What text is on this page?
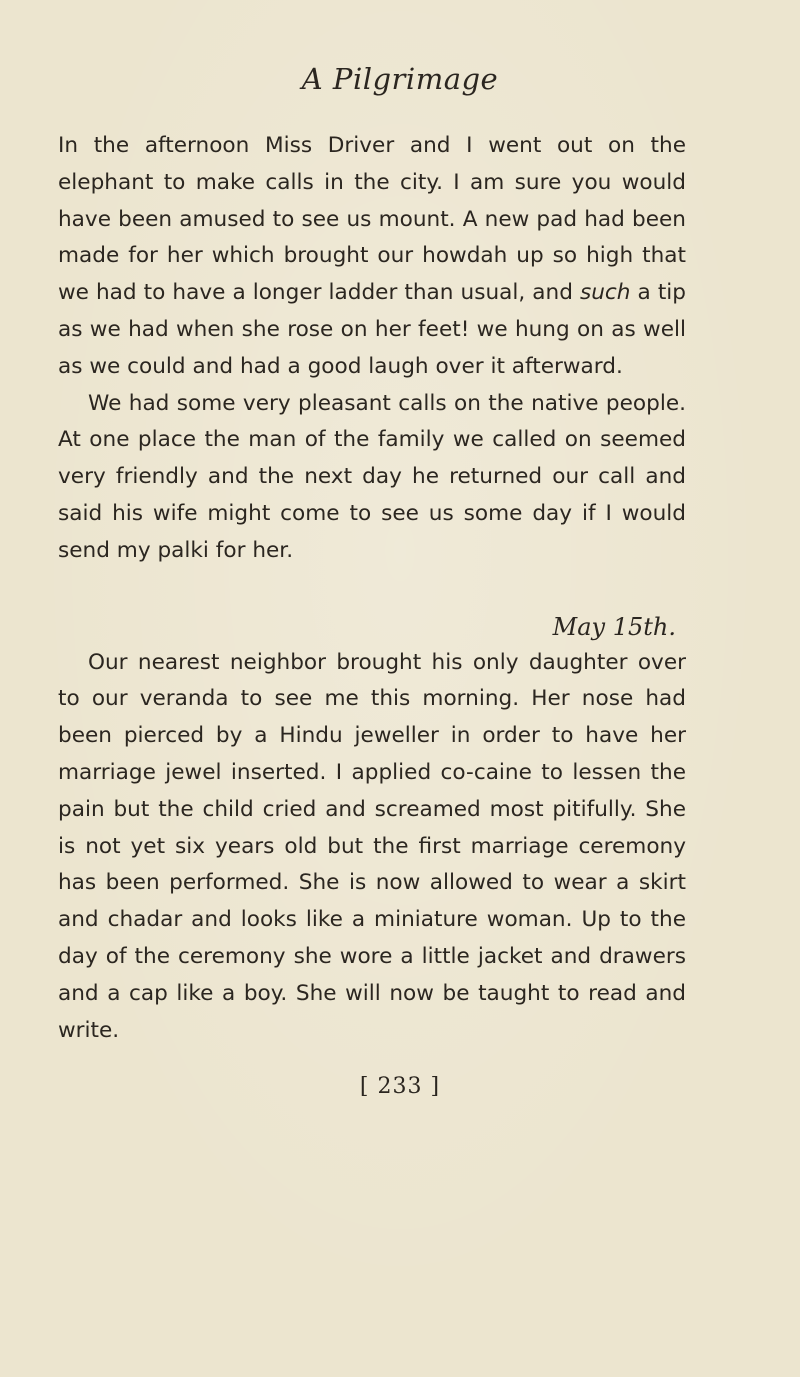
A Pilgrimage

In the afternoon Miss Driver and I went out on the elephant to make calls in the city. I am sure you would have been amused to see us mount. A new pad had been made for her which brought our howdah up so high that we had to have a longer ladder than usual, and such a tip as we had when she rose on her feet! we hung on as well as we could and had a good laugh over it afterward.

We had some very pleasant calls on the native people. At one place the man of the family we called on seemed very friendly and the next day he returned our call and said his wife might come to see us some day if I would send my palki for her.

May 15th.

Our nearest neighbor brought his only daughter over to our veranda to see me this morning. Her nose had been pierced by a Hindu jeweller in order to have her marriage jewel inserted. I applied co-caine to lessen the pain but the child cried and screamed most pitifully. She is not yet six years old but the first marriage ceremony has been performed. She is now allowed to wear a skirt and chadar and looks like a miniature woman. Up to the day of the ceremony she wore a little jacket and drawers and a cap like a boy. She will now be taught to read and write.

[ 233 ]
